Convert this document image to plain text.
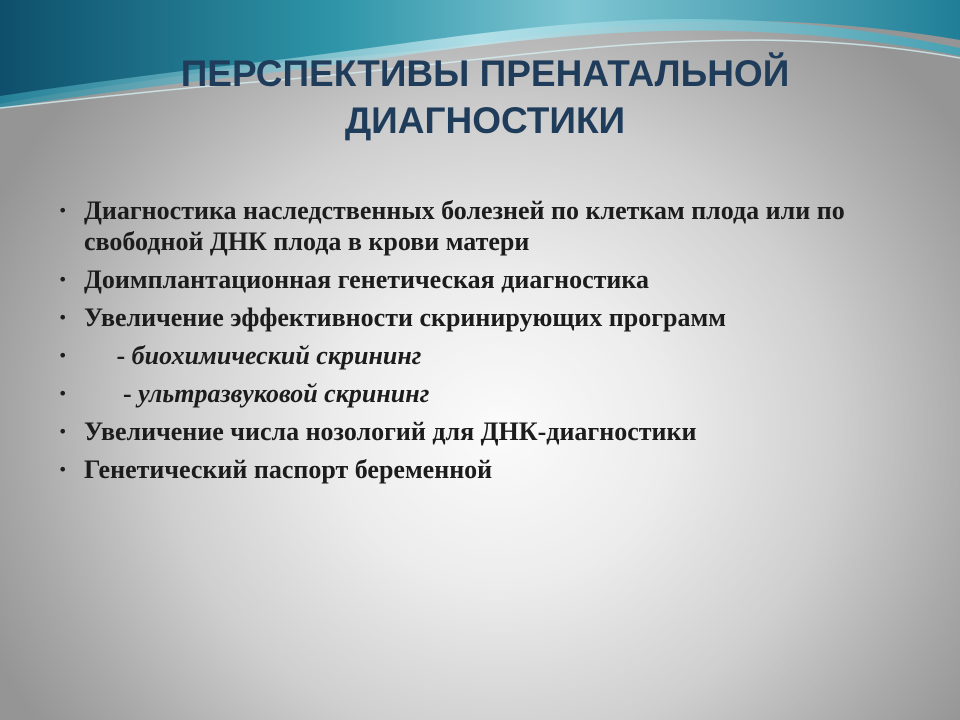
ПЕРСПЕКТИВЫ ПРЕНАТАЛЬНОЙ
ДИАГНОСТИКИ
• Диагностика наследственных болезней по клеткам плода или по свободной ДНК плода в крови матери
• Доимплантационная генетическая диагностика
• Увеличение эффективности скринирующих программ
• - биохимический скрининг
• - ультразвуковой скрининг
• Увеличение числа нозологий для ДНК-диагностики
• Генетический паспорт беременной
